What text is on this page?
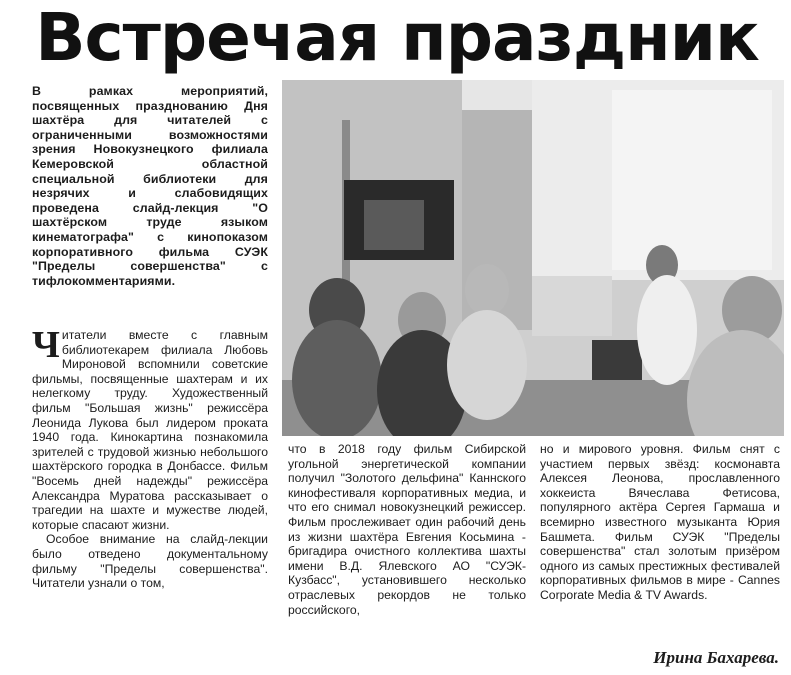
Встречая праздник
В рамках мероприятий, посвященных празднованию Дня шахтёра для читателей с ограниченными возможностями зрения Новокузнецкого филиала Кемеровской областной специальной библиотеки для незрячих и слабовидящих проведена слайд-лекция "О шахтёрском труде языком кинематографа" с кинопоказом корпоративного фильма СУЭК "Пределы совершенства" с тифлокомментариями.

Читатели вместе с главным библиотекарем филиала Любовь Мироновой вспомнили советские фильмы, посвященные шахтерам и их нелегкому труду. Художественный фильм "Большая жизнь" режиссёра Леонида Лукова был лидером проката 1940 года. Кинокартина познакомила зрителей с трудовой жизнью небольшого шахтёрского городка в Донбассе. Фильм "Восемь дней надежды" режиссёра Александра Муратова рассказывает о трагедии на шахте и мужестве людей, которые спасают жизни.

Особое внимание на слайд-лекции было отведено документальному фильму "Пределы совершенства". Читатели узнали о том,

что в 2018 году фильм Сибирской угольной энергетической компании получил "Золотого дельфина" Каннского кинофестиваля корпоративных медиа, и что его снимал новокузнецкий режиссер. Фильм прослеживает один рабочий день из жизни шахтёра Евгения Косьмина - бригадира очистного коллектива шахты имени В.Д. Ялевского АО "СУЭК-Кузбасс", установившего несколько отраслевых рекордов не только российского,

но и мирового уровня. Фильм снят с участием первых звёзд: космонавта Алексея Леонова, прославленного хоккеиста Вячеслава Фетисова, популярного актёра Сергея Гармаша и всемирно известного музыканта Юрия Башмета. Фильм СУЭК "Пределы совершенства" стал золотым призёром одного из самых престижных фестивалей корпоративных фильмов в мире - Cannes Corporate Media & TV Awards.

Ирина Бахарева.
